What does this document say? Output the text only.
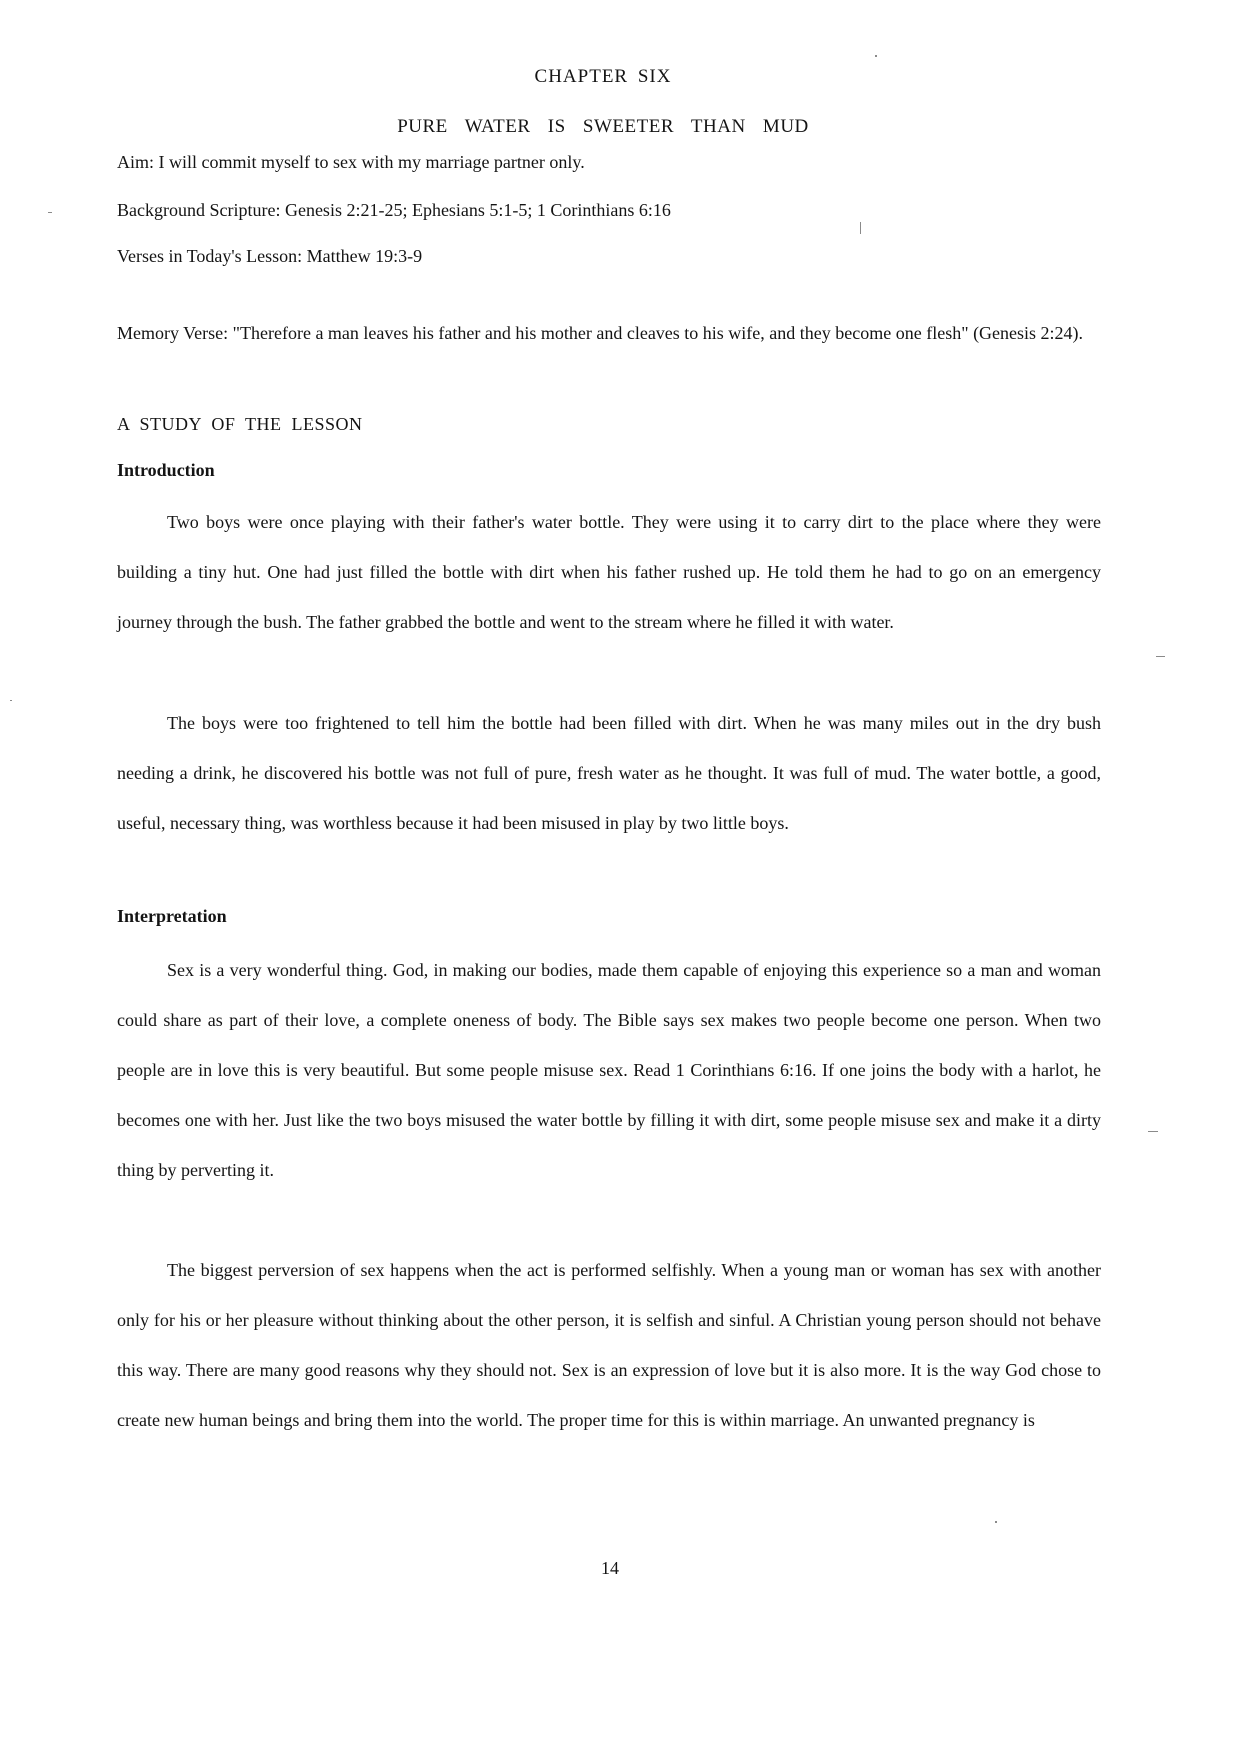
CHAPTER SIX
PURE WATER IS SWEETER THAN MUD
Aim: I will commit myself to sex with my marriage partner only.
Background Scripture: Genesis 2:21-25; Ephesians 5:1-5; 1 Corinthians 6:16
Verses in Today's Lesson: Matthew 19:3-9
Memory Verse: "Therefore a man leaves his father and his mother and cleaves to his wife, and they become one flesh" (Genesis 2:24).
A STUDY OF THE LESSON
Introduction

Two boys were once playing with their father's water bottle. They were using it to carry dirt to the place where they were building a tiny hut. One had just filled the bottle with dirt when his father rushed up. He told them he had to go on an emergency journey through the bush. The father grabbed the bottle and went to the stream where he filled it with water.

The boys were too frightened to tell him the bottle had been filled with dirt. When he was many miles out in the dry bush needing a drink, he discovered his bottle was not full of pure, fresh water as he thought. It was full of mud. The water bottle, a good, useful, necessary thing, was worthless because it had been misused in play by two little boys.

Interpretation

Sex is a very wonderful thing. God, in making our bodies, made them capable of enjoying this experience so a man and woman could share as part of their love, a complete oneness of body. The Bible says sex makes two people become one person. When two people are in love this is very beautiful. But some people misuse sex. Read 1 Corinthians 6:16. If one joins the body with a harlot, he becomes one with her. Just like the two boys misused the water bottle by filling it with dirt, some people misuse sex and make it a dirty thing by perverting it.

The biggest perversion of sex happens when the act is performed selfishly. When a young man or woman has sex with another only for his or her pleasure without thinking about the other person, it is selfish and sinful. A Christian young person should not behave this way. There are many good reasons why they should not. Sex is an expression of love but it is also more. It is the way God chose to create new human beings and bring them into the world. The proper time for this is within marriage. An unwanted pregnancy is

14
